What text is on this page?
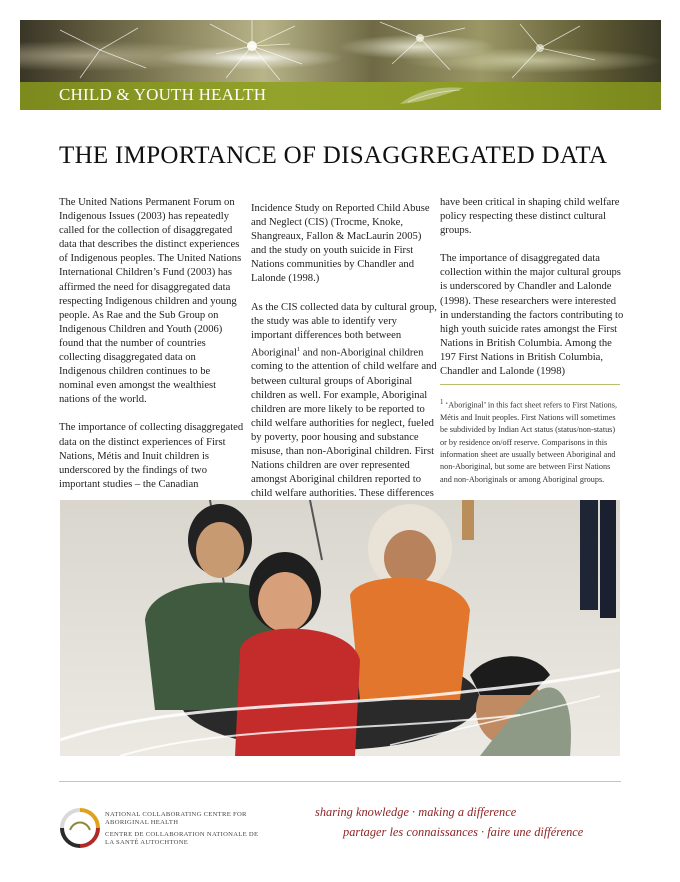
CHILD & YOUTH HEALTH
THE IMPORTANCE OF DISAGGREGATED DATA

The United Nations Permanent Forum on Indigenous Issues (2003) has repeatedly called for the collection of disaggregated data that describes the distinct experiences of Indigenous peoples. The United Nations International Children’s Fund (2003) has affirmed the need for disaggregated data respecting Indigenous children and young people. As Rae and the Sub Group on Indigenous Children and Youth (2006) found that the number of countries collecting disaggregated data on Indigenous children continues to be nominal even amongst the wealthiest nations of the world.

The importance of collecting disaggregated data on the distinct experiences of First Nations, Métis and Inuit children is underscored by the findings of two important studies – the Canadian

Incidence Study on Reported Child Abuse and Neglect (CIS) (Trocme, Knoke, Shangreaux, Fallon & MacLaurin 2005) and the study on youth suicide in First Nations communities by Chandler and Lalonde (1998.)

As the CIS collected data by cultural group, the study was able to identify very important differences both between Aboriginal$^1$ and non-Aboriginal children coming to the attention of child welfare and between cultural groups of Aboriginal children as well. For example, Aboriginal children are more likely to be reported to child welfare authorities for neglect, fueled by poverty, poor housing and substance misuse, than non-Aboriginal children. First Nations children are over represented amongst Aboriginal children reported to child welfare authorities. These differences

have been critical in shaping child welfare policy respecting these distinct cultural groups.

The importance of disaggregated data collection within the major cultural groups is underscored by Chandler and Lalonde (1998). These researchers were interested in understanding the factors contributing to high youth suicide rates amongst the First Nations in British Columbia. Among the 197 First Nations in British Columbia, Chandler and Lalonde (1998)

$^1$ ‘Aboriginal’ in this fact sheet refers to First Nations, Métis and Inuit peoples. First Nations will sometimes be subdivided by Indian Act status (status/non-status) or by residence on/off reserve. Comparisons in this information sheet are usually between Aboriginal and non-Aboriginal, but some are between First Nations and non-Aboriginals or among Aboriginal groups.

NATIONAL COLLABORATING CENTRE FOR ABORIGINAL HEALTH
CENTRE DE COLLABORATION NATIONALE DE LA SANTÉ AUTOCHTONE
sharing knowledge · making a difference
partager les connaissances · faire une différence
